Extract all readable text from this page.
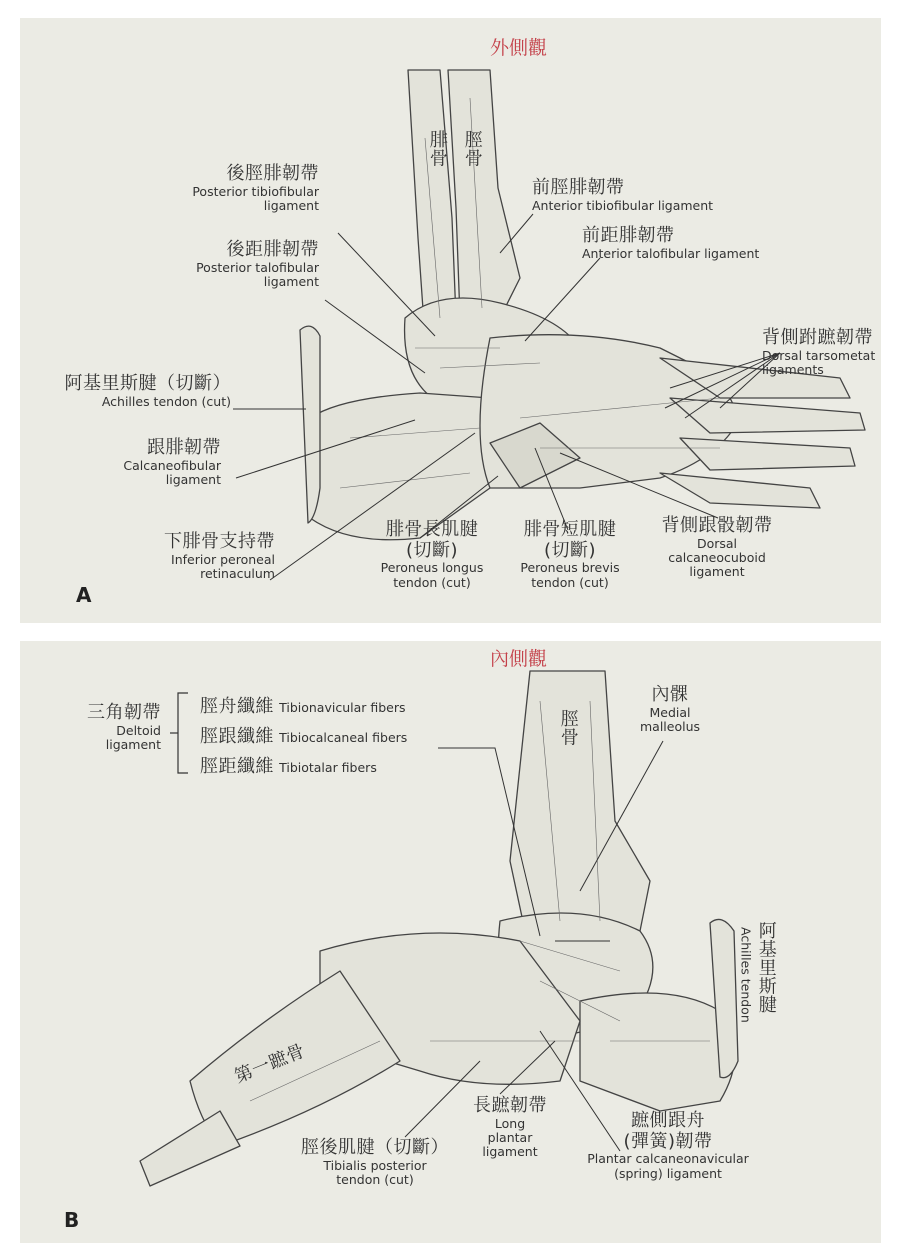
外側觀
腓骨 脛骨
後脛腓韌帶
Posterior tibiofibular
ligament
後距腓韌帶
Posterior talofibular
ligament
阿基里斯腱（切斷）
Achilles tendon (cut)
跟腓韌帶
Calcaneofibular
ligament
下腓骨支持帶
Inferior peroneal
retinaculum
腓骨長肌腱
(切斷)
Peroneus longus
tendon (cut)
腓骨短肌腱
(切斷)
Peroneus brevis
tendon (cut)
背側跟骰韌帶
Dorsal
calcaneocuboid
ligament
前脛腓韌帶
Anterior tibiofibular ligament
前距腓韌帶
Anterior talofibular ligament
背側跗蹠韌帶
Dorsal tarsometat
ligaments
A
內側觀
脛骨
三角韌帶
Deltoid
ligament
脛舟纖維 Tibionavicular fibers
脛跟纖維 Tibiocalcaneal fibers
脛距纖維 Tibiotalar fibers
內髁
Medial
malleolus
阿基里斯腱
Achilles tendon
第一蹠骨
長蹠韌帶
Long
plantar
ligament
脛後肌腱（切斷）
Tibialis posterior
tendon (cut)
蹠側跟舟
(彈簧)韌帶
Plantar calcaneonavicular
(spring) ligament
B
